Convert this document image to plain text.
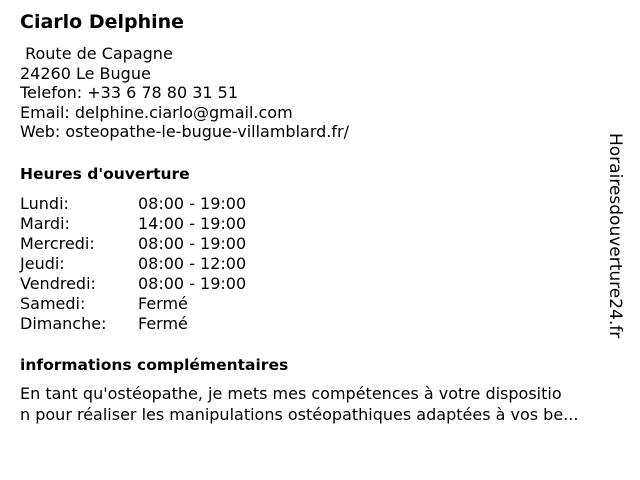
Ciarlo Delphine
Route de Capagne
24260 Le Bugue
Telefon: +33 6 78 80 31 51
Email: delphine.ciarlo@gmail.com
Web: osteopathe-le-bugue-villamblard.fr/
Heures d'ouverture
Lundi:	08:00 - 19:00
Mardi:	14:00 - 19:00
Mercredi:	08:00 - 19:00
Jeudi:	08:00 - 12:00
Vendredi:	08:00 - 19:00
Samedi:	Fermé
Dimanche: Fermé
informations complémentaires
En tant qu'ostéopathe, je mets mes compétences à votre dispositio
n pour réaliser les manipulations ostéopathiques adaptées à vos be...
Horairesdouverture24.fr
